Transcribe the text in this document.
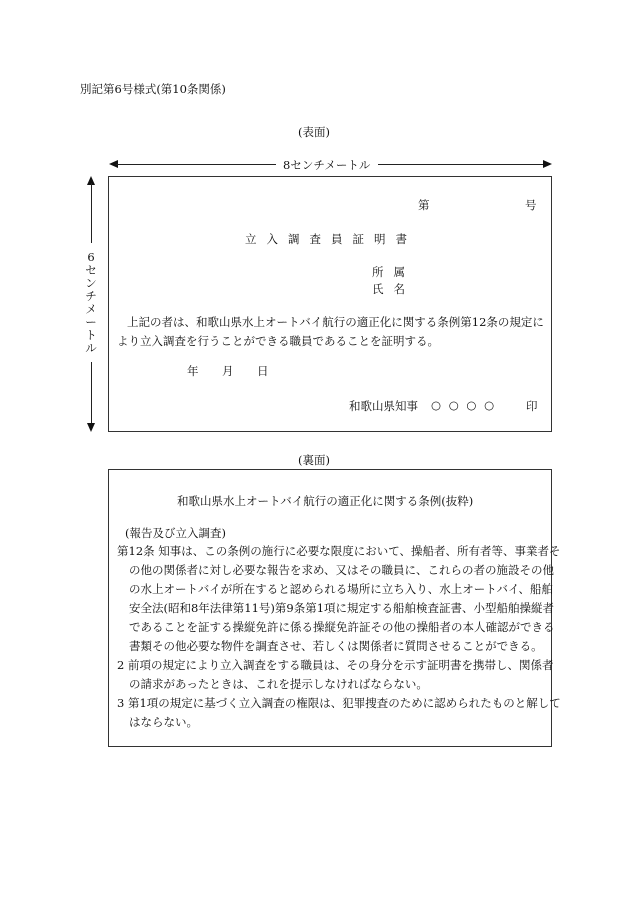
別記第6号様式(第10条関係)
(表面)
8センチメートル
6
セ
ン
チ
メ
ー
ト
ル
第	号
立入調査員証明書
所属
氏名
上記の者は、和歌山県水上オートバイ航行の適正化に関する条例第12条の規定により立入調査を行うことができる職員であることを証明する。
年 月 日
和歌山県知事 ○ ○ ○ ○	印
(裏面)
和歌山県水上オートバイ航行の適正化に関する条例(抜粋)
(報告及び立入調査)
第12条 知事は、この条例の施行に必要な限度において、操船者、所有者等、事業者その他の関係者に対し必要な報告を求め、又はその職員に、これらの者の施設その他の水上オートバイが所在すると認められる場所に立ち入り、水上オートバイ、船舶安全法(昭和8年法律第11号)第9条第1項に規定する船舶検査証書、小型船舶操縦者であることを証する操縦免許に係る操縦免許証その他の操船者の本人確認ができる書類その他必要な物件を調査させ、若しくは関係者に質問させることができる。
2 前項の規定により立入調査をする職員は、その身分を示す証明書を携帯し、関係者の請求があったときは、これを提示しなければならない。
3 第1項の規定に基づく立入調査の権限は、犯罪捜査のために認められたものと解してはならない。
